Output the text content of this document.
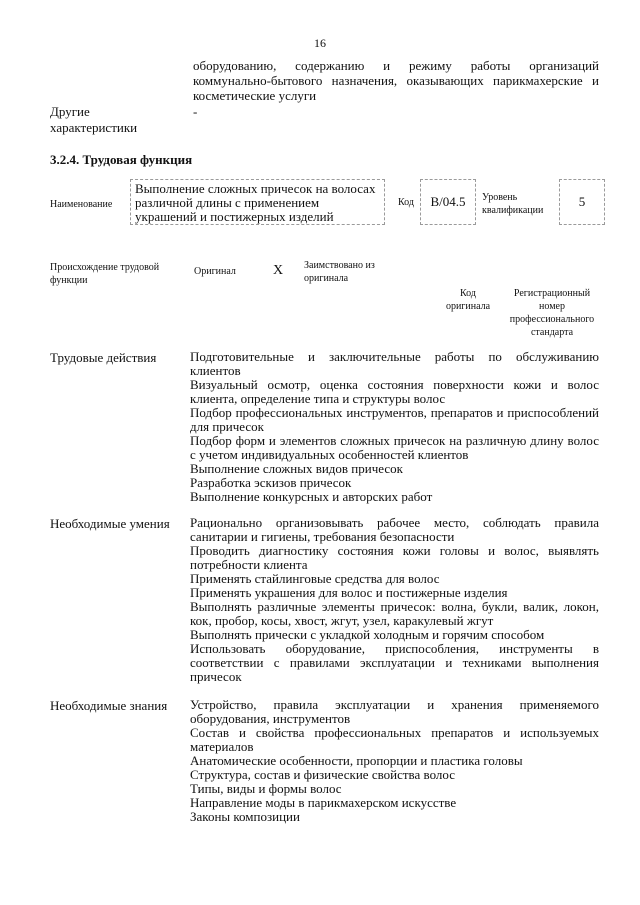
16
оборудованию, содержанию и режиму работы организаций
коммунально-бытового назначения, оказывающих парикмахерские и
косметические услуги
Другие
характеристики
-
3.2.4. Трудовая функция
Наименование
Выполнение сложных причесок на волосах
различной длины с применением
украшений и постижерных изделий
Код B/04.5 Уровень
квалификации
5
Происхождение трудовой
функции
Оригинал	X Заимствовано из
оригинала
Код
оригинала
Регистрационный
номер
профессионального
стандарта
Трудовые действия	Подготовительные и заключительные работы по обслуживанию
клиентов
Визуальный осмотр, оценка состояния поверхности кожи и волос
клиента, определение типа и структуры волос
Подбор профессиональных инструментов, препаратов и приспособлений
для причесок
Подбор форм и элементов сложных причесок на различную длину волос
с учетом индивидуальных особенностей клиентов
Выполнение сложных видов причесок
Разработка эскизов причесок
Выполнение конкурсных и авторских работ
Необходимые умения Рационально организовывать рабочее место, соблюдать правила
санитарии и гигиены, требования безопасности
Проводить диагностику состояния кожи головы и волос, выявлять
потребности клиента
Применять стайлинговые средства для волос
Применять украшения для волос и постижерные изделия
Выполнять различные элементы причесок: волна, букли, валик, локон,
кок, пробор, косы, хвост, жгут, узел, каракулевый жгут
Выполнять прически с укладкой холодным и горячим способом
Использовать оборудование, приспособления, инструменты в
соответствии с правилами эксплуатации и техниками выполнения
причесок
Необходимые знания Устройство, правила эксплуатации и хранения применяемого
оборудования, инструментов
Состав и свойства профессиональных препаратов и используемых
материалов
Анатомические особенности, пропорции и пластика головы
Структура, состав и физические свойства волос
Типы, виды и формы волос
Направление моды в парикмахерском искусстве
Законы композиции
